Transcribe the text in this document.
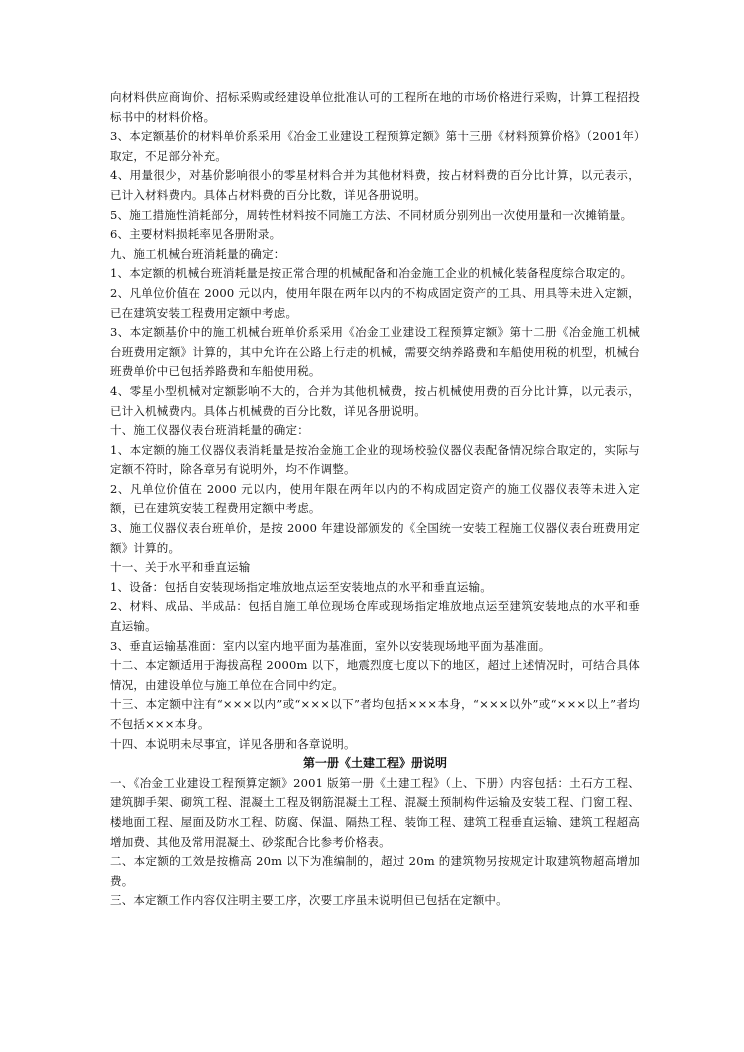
向材料供应商询价、招标采购或经建设单位批准认可的工程所在地的市场价格进行采购，计算工程招投标书中的材料价格。

3、本定额基价的材料单价系采用《冶金工业建设工程预算定额》第十三册《材料预算价格》（2001年）取定，不足部分补充。

4、用量很少，对基价影响很小的零星材料合并为其他材料费，按占材料费的百分比计算，以元表示，已计入材料费内。具体占材料费的百分比数，详见各册说明。

5、施工措施性消耗部分，周转性材料按不同施工方法、不同材质分别列出一次使用量和一次摊销量。

6、主要材料损耗率见各册附录。

九、施工机械台班消耗量的确定：

1、本定额的机械台班消耗量是按正常合理的机械配备和冶金施工企业的机械化装备程度综合取定的。

2、凡单位价值在 2000 元以内，使用年限在两年以内的不构成固定资产的工具、用具等未进入定额，已在建筑安装工程费用定额中考虑。

3、本定额基价中的施工机械台班单价系采用《冶金工业建设工程预算定额》第十二册《冶金施工机械台班费用定额》计算的，其中允许在公路上行走的机械，需要交纳养路费和车船使用税的机型，机械台班费单价中已包括养路费和车船使用税。

4、零星小型机械对定额影响不大的，合并为其他机械费，按占机械使用费的百分比计算，以元表示，已计入机械费内。具体占机械费的百分比数，详见各册说明。

十、施工仪器仪表台班消耗量的确定：

1、本定额的施工仪器仪表消耗量是按冶金施工企业的现场校验仪器仪表配备情况综合取定的，实际与定额不符时，除各章另有说明外，均不作调整。

2、凡单位价值在 2000 元以内，使用年限在两年以内的不构成固定资产的施工仪器仪表等未进入定额，已在建筑安装工程费用定额中考虑。

3、施工仪器仪表台班单价，是按 2000 年建设部颁发的《全国统一安装工程施工仪器仪表台班费用定额》计算的。

十一、关于水平和垂直运输

1、设备：包括自安装现场指定堆放地点运至安装地点的水平和垂直运输。

2、材料、成品、半成品：包括自施工单位现场仓库或现场指定堆放地点运至建筑安装地点的水平和垂直运输。

3、垂直运输基准面：室内以室内地平面为基准面，室外以安装现场地平面为基准面。

十二、本定额适用于海拔高程 2000m 以下，地震烈度七度以下的地区，超过上述情况时，可结合具体情况，由建设单位与施工单位在合同中约定。

十三、本定额中注有“×××以内”或“×××以下”者均包括×××本身，“×××以外”或“×××以上”者均不包括×××本身。

十四、本说明未尽事宜，详见各册和各章说明。

第一册《土建工程》册说明

一、《冶金工业建设工程预算定额》2001 版第一册《土建工程》（上、下册）内容包括：土石方工程、建筑脚手架、砌筑工程、混凝土工程及钢筋混凝土工程、混凝土预制构件运输及安装工程、门窗工程、楼地面工程、屋面及防水工程、防腐、保温、隔热工程、装饰工程、建筑工程垂直运输、建筑工程超高增加费、其他及常用混凝土、砂浆配合比参考价格表。

二、本定额的工效是按檐高 20m 以下为准编制的，超过 20m 的建筑物另按规定计取建筑物超高增加费。

三、本定额工作内容仅注明主要工序，次要工序虽未说明但已包括在定额中。
